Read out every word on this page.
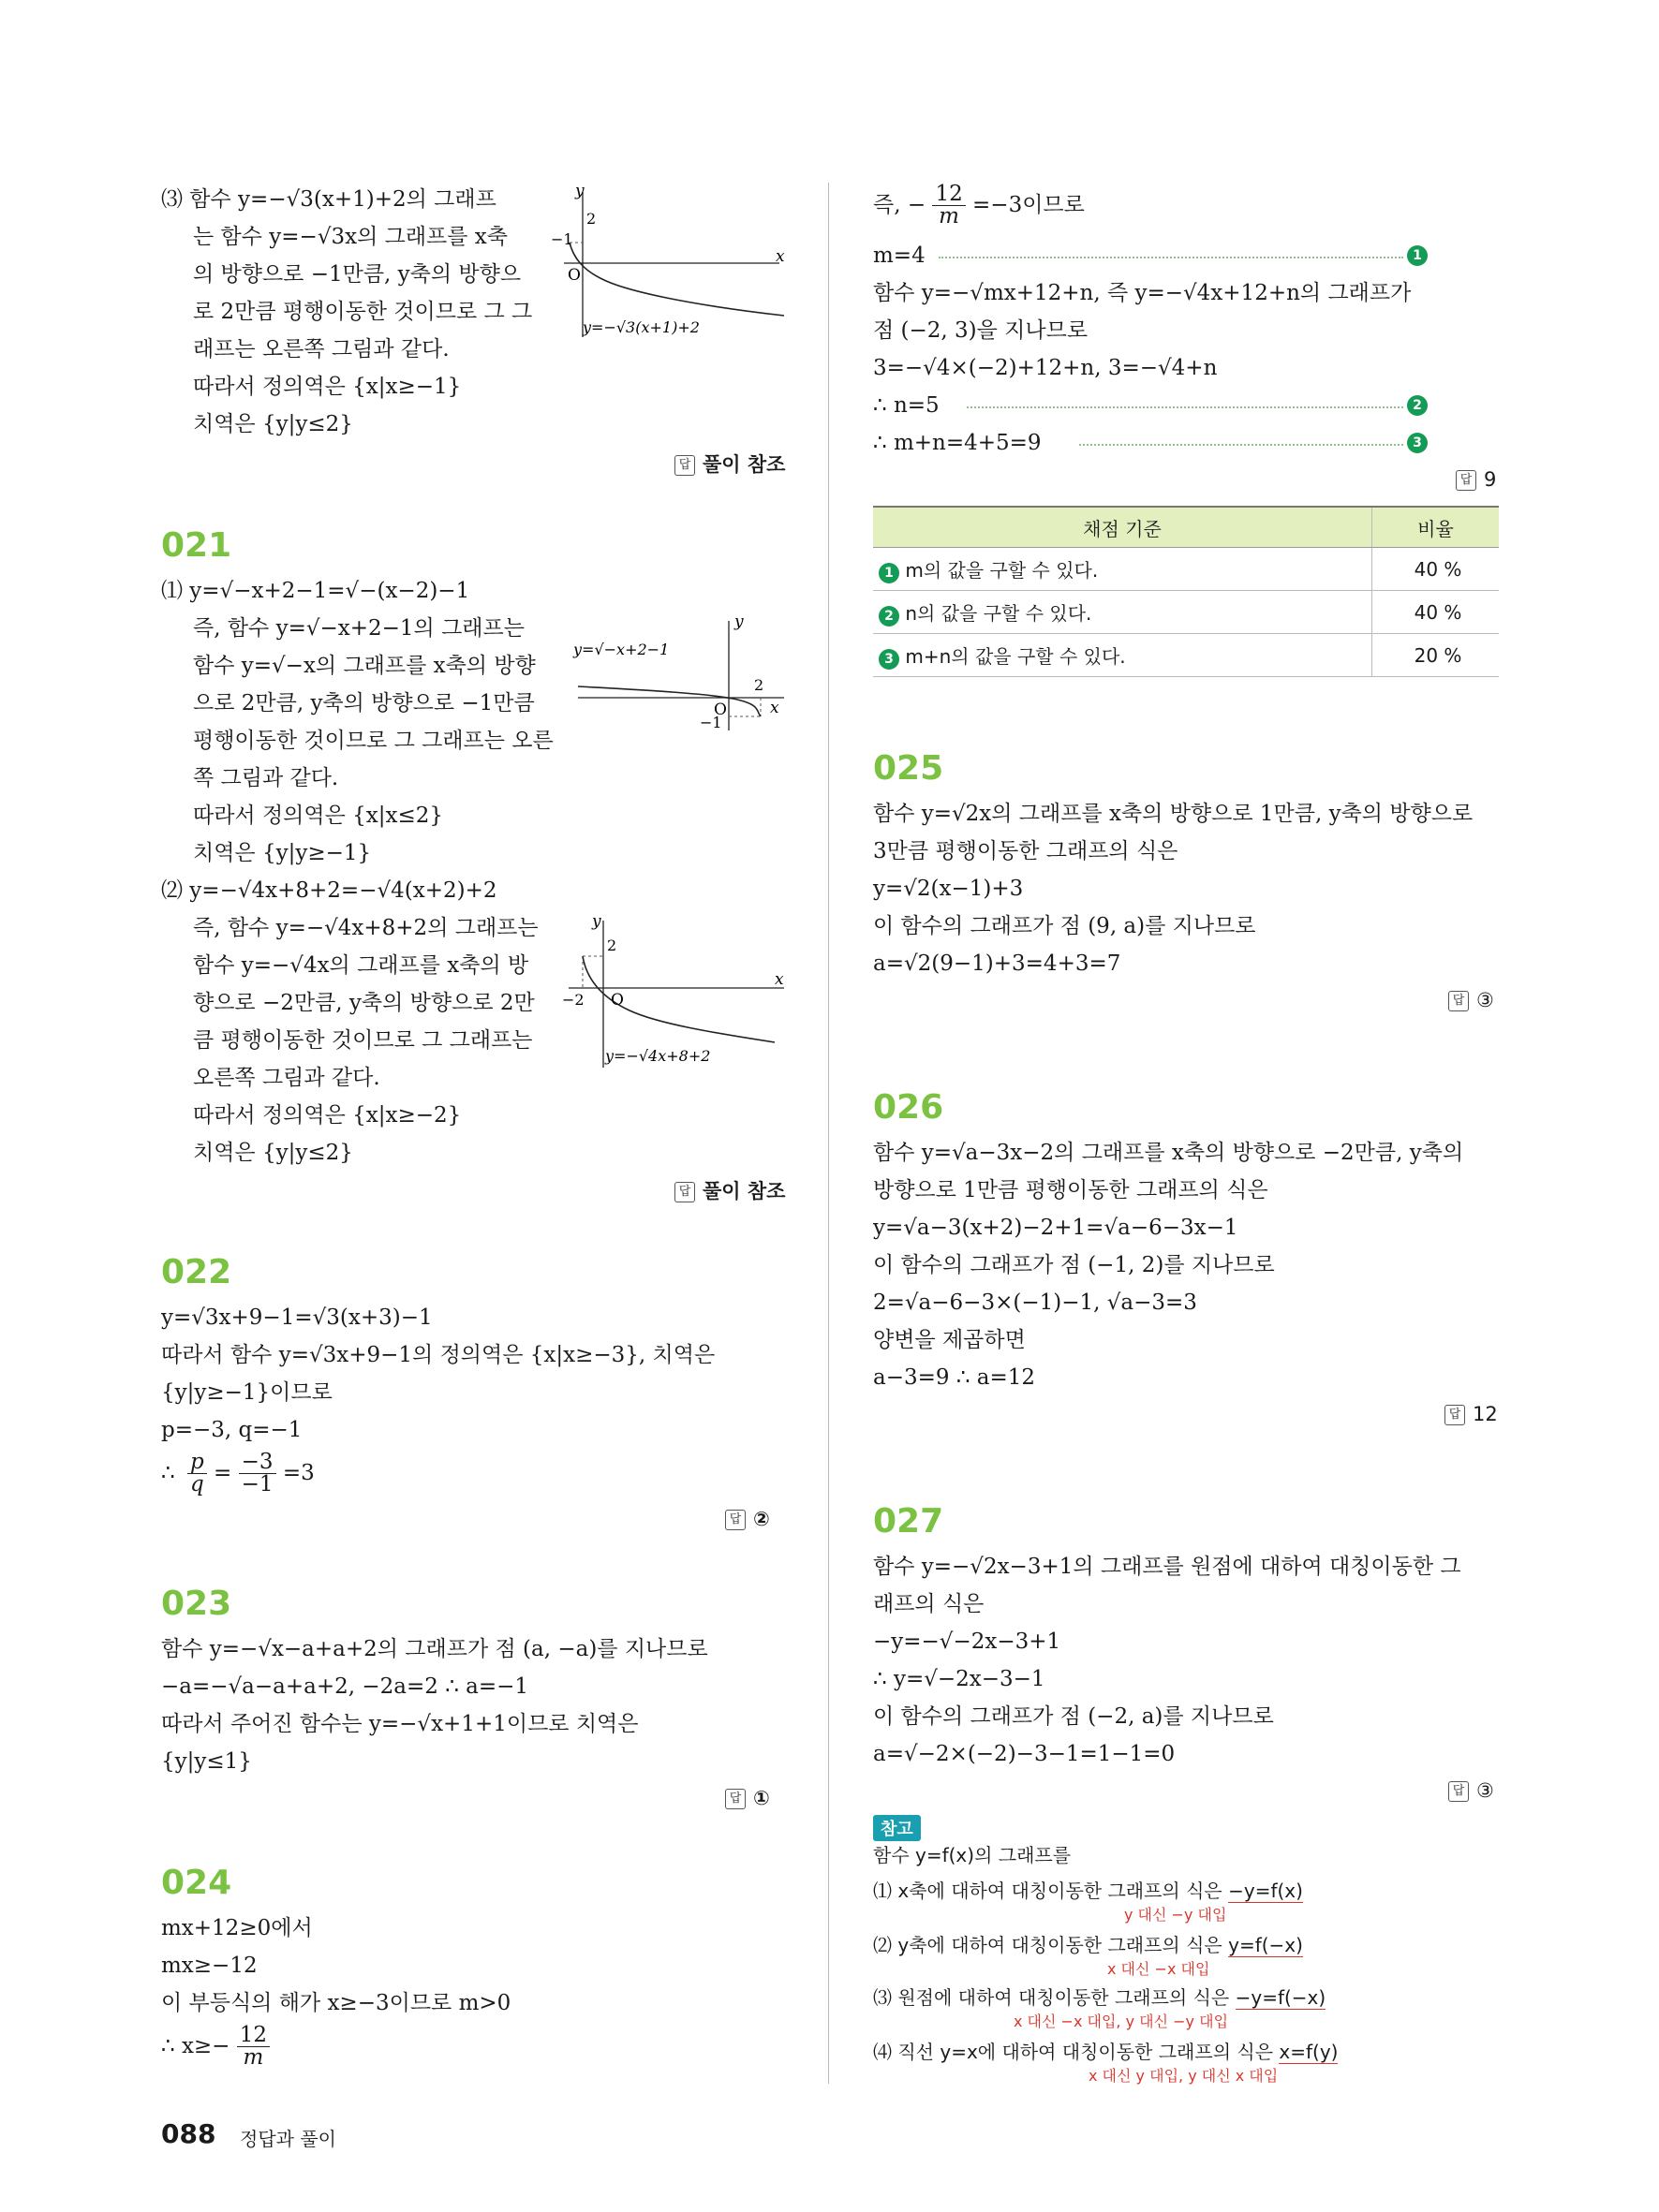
⑶ 함수 y=−√3(x+1)+2의 그래프
는 함수 y=−√3x의 그래프를 x축
의 방향으로 −1만큼, y축의 방향으
로 2만큼 평행이동한 것이므로 그 그
래프는 오른쪽 그림과 같다.
따라서 정의역은 {x|x≥−1}
치역은 {y|y≤2}
y
x
O
2
−1
y=−√3(x+1)+2
답 풀이 참조
021
⑴ y=√−x+2−1=√−(x−2)−1
즉, 함수 y=√−x+2−1의 그래프는
함수 y=√−x의 그래프를 x축의 방향
으로 2만큼, y축의 방향으로 −1만큼
평행이동한 것이므로 그 그래프는 오른
쪽 그림과 같다.
따라서 정의역은 {x|x≤2}
치역은 {y|y≥−1}
⑵ y=−√4x+8+2=−√4(x+2)+2
즉, 함수 y=−√4x+8+2의 그래프는
함수 y=−√4x의 그래프를 x축의 방
향으로 −2만큼, y축의 방향으로 2만
큼 평행이동한 것이므로 그 그래프는
오른쪽 그림과 같다.
따라서 정의역은 {x|x≥−2}
치역은 {y|y≤2}
y
x
O
2
−1
y=√−x+2−1
y
x
O
−2
2
y=−√4x+8+2
답 풀이 참조
022
y=√3x+9−1=√3(x+3)−1
따라서 함수 y=√3x+9−1의 정의역은 {x|x≥−3}, 치역은
{y|y≥−1}이므로
p=−3, q=−1
∴ $\frac{p}{q} = \frac{-3}{-1} =3$
답 ②
023
함수 y=−√x−a+a+2의 그래프가 점 (a, −a)를 지나므로
−a=−√a−a+a+2, −2a=2 ∴ a=−1
따라서 주어진 함수는 y=−√x+1+1이므로 치역은
{y|y≤1}
답 ①
024
mx+12≥0에서
mx≥−12
이 부등식의 해가 x≥−3이므로 m>0
∴ $x\ge- \frac{12}{m}$
즉, − $\frac{12}{m} =-3$이므로
m=4	1
함수 y=−√mx+12+n, 즉 y=−√4x+12+n의 그래프가
점 (−2, 3)을 지나므로
3=−√4×(−2)+12+n, 3=−√4+n
∴ n=5	2
∴ m+n=4+5=9	3
답 9
채점 기준	비율
1 m의 값을 구할 수 있다.	40 %
2 n의 값을 구할 수 있다.	40 %
3 m+n의 값을 구할 수 있다.	20 %
025
함수 y=√2x의 그래프를 x축의 방향으로 1만큼, y축의 방향으로
3만큼 평행이동한 그래프의 식은
y=√2(x−1)+3
이 함수의 그래프가 점 (9, a)를 지나므로
a=√2(9−1)+3=4+3=7
답 ③
026
함수 y=√a−3x−2의 그래프를 x축의 방향으로 −2만큼, y축의
방향으로 1만큼 평행이동한 그래프의 식은
y=√a−3(x+2)−2+1=√a−6−3x−1
이 함수의 그래프가 점 (−1, 2)를 지나므로
2=√a−6−3×(−1)−1, √a−3=3
양변을 제곱하면
a−3=9 ∴ a=12
답 12
027
함수 y=−√2x−3+1의 그래프를 원점에 대하여 대칭이동한 그
래프의 식은
−y=−√−2x−3+1
∴ y=√−2x−3−1
이 함수의 그래프가 점 (−2, a)를 지나므로
a=√−2×(−2)−3−1=1−1=0
답 ③
참고
함수 y=f(x)의 그래프를
⑴ x축에 대하여 대칭이동한 그래프의 식은 −y=f(x)
y 대신 −y 대입
⑵ y축에 대하여 대칭이동한 그래프의 식은 y=f(−x)
x 대신 −x 대입
⑶ 원점에 대하여 대칭이동한 그래프의 식은 −y=f(−x)
x 대신 −x 대입, y 대신 −y 대입
⑷ 직선 y=x에 대하여 대칭이동한 그래프의 식은 x=f(y)
x 대신 y 대입, y 대신 x 대입
088 정답과 풀이
